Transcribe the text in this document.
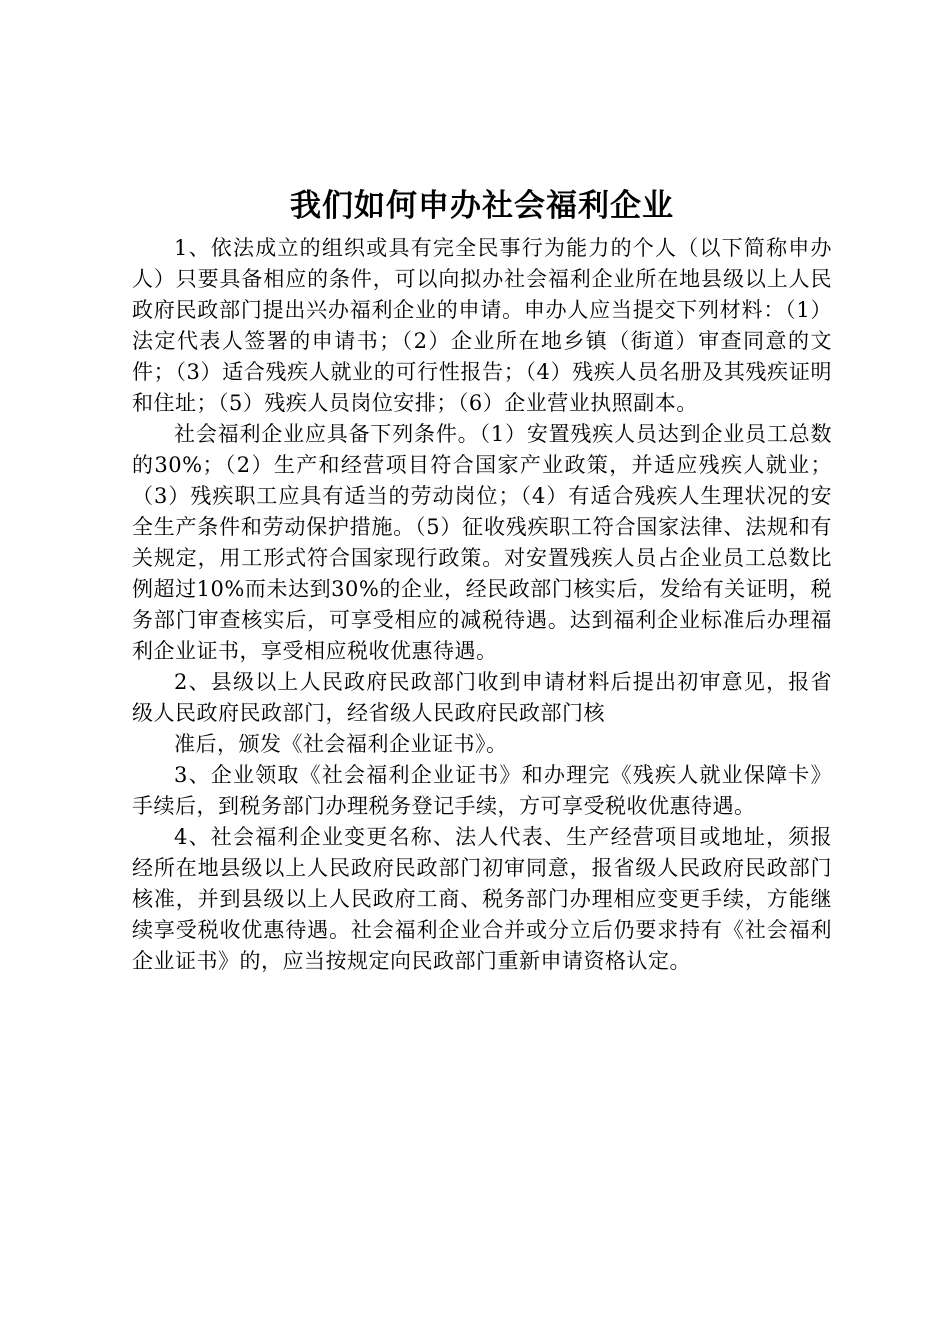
我们如何申办社会福利企业

1、依法成立的组织或具有完全民事行为能力的个人（以下简称申办人）只要具备相应的条件，可以向拟办社会福利企业所在地县级以上人民政府民政部门提出兴办福利企业的申请。申办人应当提交下列材料：（1）法定代表人签署的申请书；（2）企业所在地乡镇（街道）审查同意的文件；（3）适合残疾人就业的可行性报告；（4）残疾人员名册及其残疾证明和住址；（5）残疾人员岗位安排；（6）企业营业执照副本。

社会福利企业应具备下列条件。（1）安置残疾人员达到企业员工总数的30%；（2）生产和经营项目符合国家产业政策，并适应残疾人就业；（3）残疾职工应具有适当的劳动岗位；（4）有适合残疾人生理状况的安全生产条件和劳动保护措施。（5）征收残疾职工符合国家法律、法规和有关规定，用工形式符合国家现行政策。对安置残疾人员占企业员工总数比例超过10%而未达到30%的企业，经民政部门核实后，发给有关证明，税务部门审查核实后，可享受相应的减税待遇。达到福利企业标准后办理福利企业证书，享受相应税收优惠待遇。

2、县级以上人民政府民政部门收到申请材料后提出初审意见，报省级人民政府民政部门，经省级人民政府民政部门核

准后，颁发《社会福利企业证书》。

3、企业领取《社会福利企业证书》和办理完《残疾人就业保障卡》手续后，到税务部门办理税务登记手续，方可享受税收优惠待遇。

4、社会福利企业变更名称、法人代表、生产经营项目或地址，须报经所在地县级以上人民政府民政部门初审同意，报省级人民政府民政部门核准，并到县级以上人民政府工商、税务部门办理相应变更手续，方能继续享受税收优惠待遇。社会福利企业合并或分立后仍要求持有《社会福利企业证书》的，应当按规定向民政部门重新申请资格认定。
